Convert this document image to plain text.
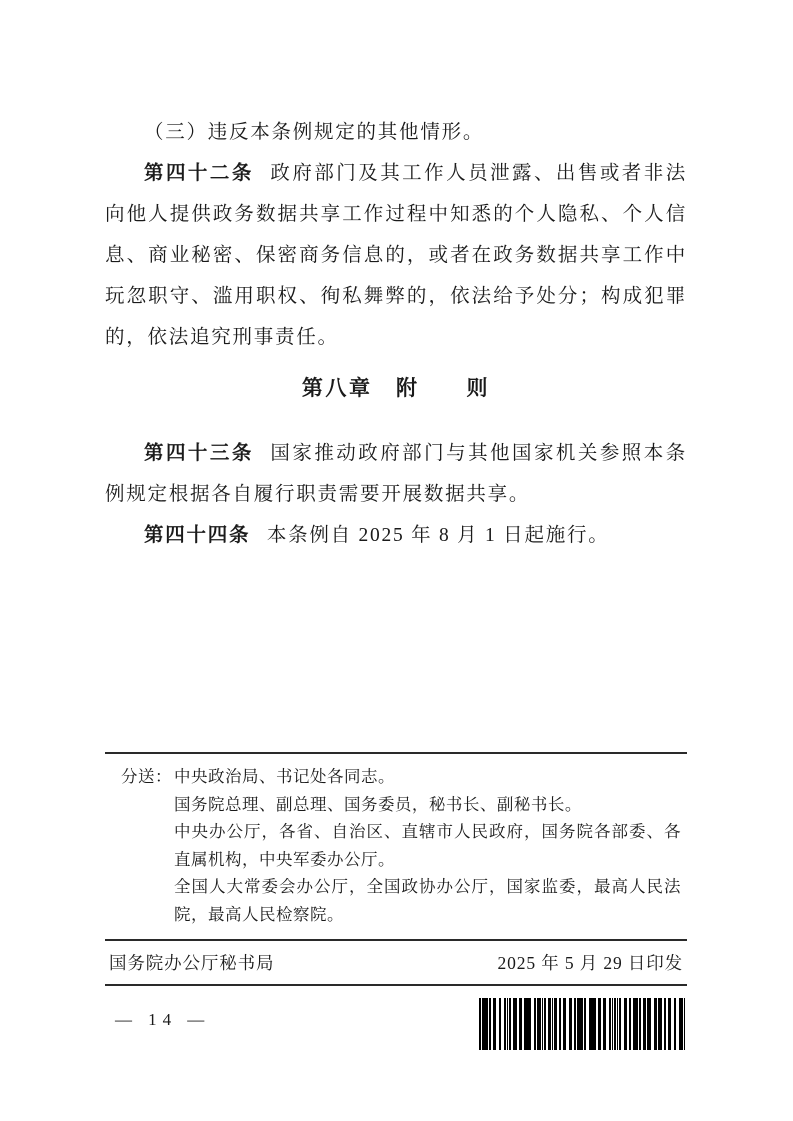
（三）违反本条例规定的其他情形。

第四十二条 政府部门及其工作人员泄露、出售或者非法向他人提供政务数据共享工作过程中知悉的个人隐私、个人信息、商业秘密、保密商务信息的，或者在政务数据共享工作中玩忽职守、滥用职权、徇私舞弊的，依法给予处分；构成犯罪的，依法追究刑事责任。

第八章　附　　则

第四十三条 国家推动政府部门与其他国家机关参照本条例规定根据各自履行职责需要开展数据共享。

第四十四条 本条例自 2025 年 8 月 1 日起施行。

分送： 中央政治局、书记处各同志。
国务院总理、副总理、国务委员，秘书长、副秘书长。
中央办公厅，各省、自治区、直辖市人民政府，国务院各部委、各直属机构，中央军委办公厅。
全国人大常委会办公厅，全国政协办公厅，国家监委，最高人民法院，最高人民检察院。
国务院办公厅秘书局	2025 年 5 月 29 日印发
— 14 —
